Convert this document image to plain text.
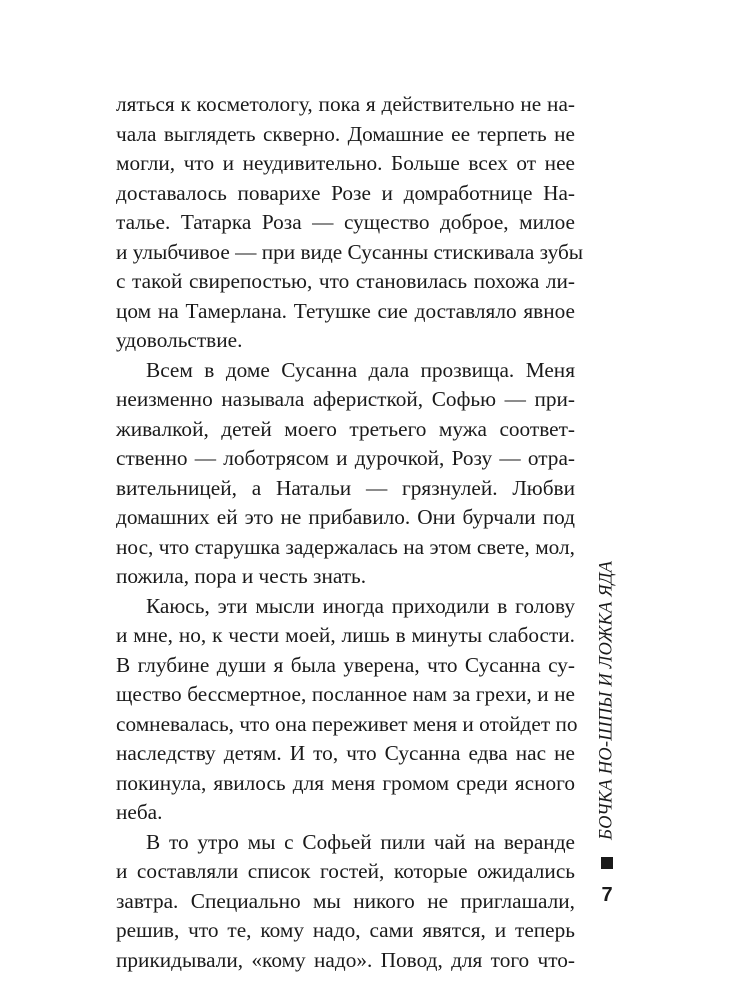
ляться к косметологу, пока я действительно не на-
чала выглядеть скверно. Домашние ее терпеть не
могли, что и неудивительно. Больше всех от нее
доставалось поварихе Розе и домработнице На-
талье. Татарка Роза — существо доброе, милое
и улыбчивое — при виде Сусанны стискивала зубы
с такой свирепостью, что становилась похожа ли-
цом на Тамерлана. Тетушке сие доставляло явное
удовольствие.
Всем в доме Сусанна дала прозвища. Меня
неизменно называла аферисткой, Софью — при-
живалкой, детей моего третьего мужа соответ-
ственно — лоботрясом и дурочкой, Розу — отра-
вительницей, а Натальи — грязнулей. Любви
домашних ей это не прибавило. Они бурчали под
нос, что старушка задержалась на этом свете, мол,
пожила, пора и честь знать.
Каюсь, эти мысли иногда приходили в голову
и мне, но, к чести моей, лишь в минуты слабости.
В глубине души я была уверена, что Сусанна су-
щество бессмертное, посланное нам за грехи, и не
сомневалась, что она переживет меня и отойдет по
наследству детям. И то, что Сусанна едва нас не
покинула, явилось для меня громом среди ясного
неба.
В то утро мы с Софьей пили чай на веранде
и составляли список гостей, которые ожидались
завтра. Специально мы никого не приглашали,
решив, что те, кому надо, сами явятся, и теперь
прикидывали, «кому надо». Повод, для того что-
БОЧКА НО-ШПЫ И ЛОЖКА ЯДА
7
